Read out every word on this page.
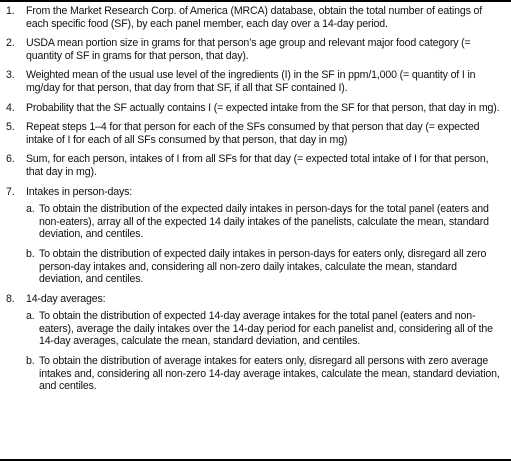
1.	From the Market Research Corp. of America (MRCA) database, obtain the total number of eatings of each specific food (SF), by each panel member, each day over a 14-day period.
2.	USDA mean portion size in grams for that person’s age group and relevant major food category (= quantity of SF in grams for that person, that day).
3.	Weighted mean of the usual use level of the ingredients (I) in the SF in ppm/1,000 (= quantity of I in mg/day for that person, that day from that SF, if all that SF contained I).
4.	Probability that the SF actually contains I (= expected intake from the SF for that person, that day in mg).
5.	Repeat steps 1–4 for that person for each of the SFs consumed by that person that day (= expected intake of I for each of all SFs consumed by that person, that day in mg)
6.	Sum, for each person, intakes of I from all SFs for that day (= expected total intake of I for that person, that day in mg).
7.	Intakes in person-days:
a. To obtain the distribution of the expected daily intakes in person-days for the total panel (eaters and non-eaters), array all of the expected 14 daily intakes of the panelists, calculate the mean, standard deviation, and centiles.
b. To obtain the distribution of expected daily intakes in person-days for eaters only, disregard all zero person-day intakes and, considering all non-zero daily intakes, calculate the mean, standard deviation, and centiles.
8.	14-day averages:
a. To obtain the distribution of expected 14-day average intakes for the total panel (eaters and non-eaters), average the daily intakes over the 14-day period for each panelist and, considering all of the 14-day averages, calculate the mean, standard deviation, and centiles.
b. To obtain the distribution of average intakes for eaters only, disregard all persons with zero average intakes and, considering all non-zero 14-day average intakes, calculate the mean, standard deviation, and centiles.
